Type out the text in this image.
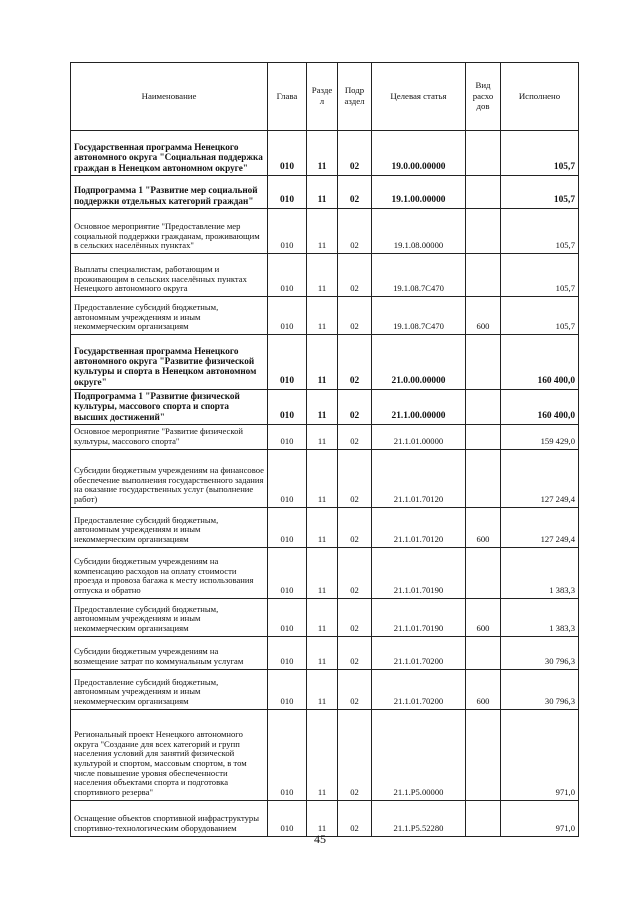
Наименование	Глава	Разде л	Подр аздел	Целевая статья	Вид расхо дов	Исполнено
Государственная программа Ненецкого автономного округа "Социальная поддержка граждан в Ненецком автономном округе"	010	11	02	19.0.00.00000		105,7
Подпрограмма 1 "Развитие мер социальной поддержки отдельных категорий граждан"	010	11	02	19.1.00.00000		105,7
Основное мероприятие "Предоставление мер социальной поддержки гражданам, проживающим в сельских населённых пунктах"	010	11	02	19.1.08.00000		105,7
Выплаты специалистам, работающим и проживающим в сельских населённых пунктах Ненецкого автономного округа	010	11	02	19.1.08.7С470		105,7
Предоставление субсидий бюджетным, автономным учреждениям и иным некоммерческим организациям	010	11	02	19.1.08.7С470	600	105,7
Государственная программа Ненецкого автономного округа "Развитие физической культуры и спорта в Ненецком автономном округе"	010	11	02	21.0.00.00000		160 400,0
Подпрограмма 1 "Развитие физической культуры, массового спорта и спорта высших достижений"	010	11	02	21.1.00.00000		160 400,0
Основное мероприятие "Развитие физической культуры, массового спорта"	010	11	02	21.1.01.00000		159 429,0
Субсидии бюджетным учреждениям на финансовое обеспечение выполнения государственного задания на оказание государственных услуг (выполнение работ)	010	11	02	21.1.01.70120		127 249,4
Предоставление субсидий бюджетным, автономным учреждениям и иным некоммерческим организациям	010	11	02	21.1.01.70120	600	127 249,4
Субсидии бюджетным учреждениям на компенсацию расходов на оплату стоимости проезда и провоза багажа к месту использования отпуска и обратно	010	11	02	21.1.01.70190		1 383,3
Предоставление субсидий бюджетным, автономным учреждениям и иным некоммерческим организациям	010	11	02	21.1.01.70190	600	1 383,3
Субсидии бюджетным учреждениям на возмещение затрат по коммунальным услугам	010	11	02	21.1.01.70200		30 796,3
Предоставление субсидий бюджетным, автономным учреждениям и иным некоммерческим организациям	010	11	02	21.1.01.70200	600	30 796,3
Региональный проект Ненецкого автономного округа "Создание для всех категорий и групп населения условий для занятий физической культурой и спортом, массовым спортом, в том числе повышение уровня обеспеченности населения объектами спорта и подготовка спортивного резерва"	010	11	02	21.1.Р5.00000		971,0
Оснащение объектов спортивной инфраструктуры спортивно-технологическим оборудованием	010	11	02	21.1.Р5.52280		971,0
45
